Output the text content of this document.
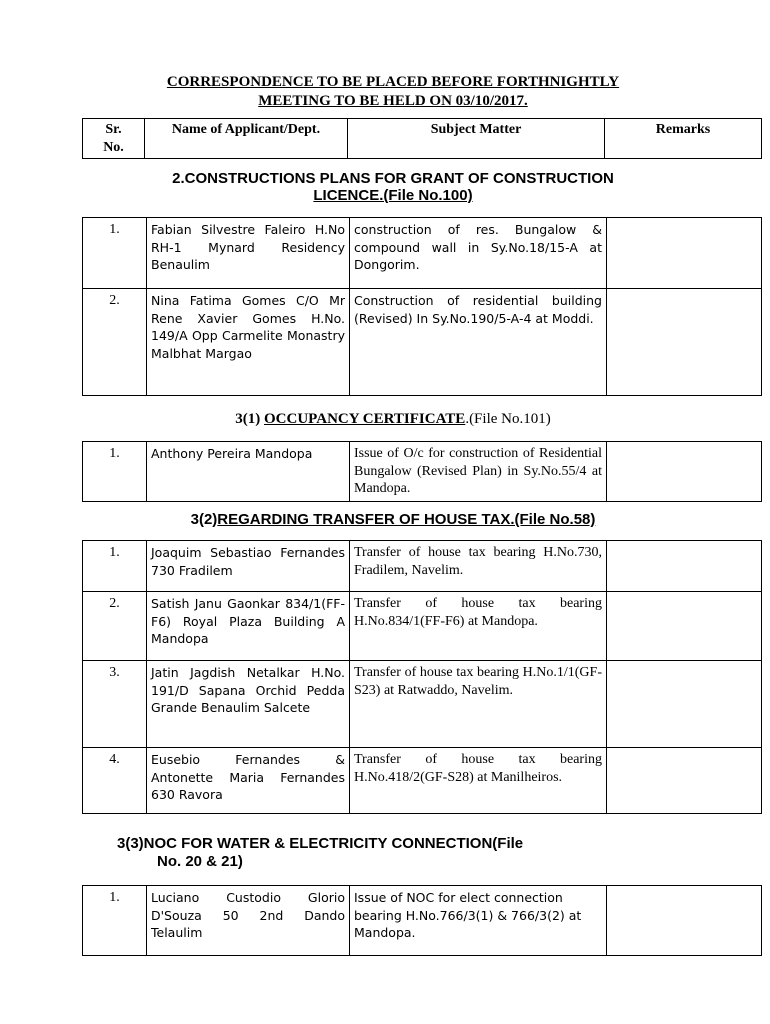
CORRESPONDENCE TO BE PLACED BEFORE FORTHNIGHTLY
MEETING TO BE HELD ON 03/10/2017.
Sr.
No.	Name of Applicant/Dept.	Subject Matter	Remarks
2.CONSTRUCTIONS PLANS FOR GRANT OF CONSTRUCTION
LICENCE.(File No.100)
1.	Fabian Silvestre Faleiro H.No RH-1 Mynard Residency Benaulim	construction of res. Bungalow & compound wall in Sy.No.18/15-A at Dongorim.	
2.	Nina Fatima Gomes C/O Mr Rene Xavier Gomes H.No. 149/A Opp Carmelite Monastry Malbhat Margao	Construction of residential building (Revised) In Sy.No.190/5-A-4 at Moddi.	
3(1) OCCUPANCY CERTIFICATE.(File No.101)
1.	Anthony Pereira Mandopa	Issue of O/c for construction of Residential Bungalow (Revised Plan) in Sy.No.55/4 at Mandopa.	
3(2)REGARDING TRANSFER OF HOUSE TAX.(File No.58)
1.	Joaquim Sebastiao Fernandes 730 Fradilem	Transfer of house tax bearing H.No.730, Fradilem, Navelim.	
2.	Satish Janu Gaonkar 834/1(FF-F6) Royal Plaza Building A Mandopa	Transfer of house tax bearing H.No.834/1(FF-F6) at Mandopa.	
3.	Jatin Jagdish Netalkar H.No. 191/D Sapana Orchid Pedda Grande Benaulim Salcete	Transfer of house tax bearing H.No.1/1(GF-S23) at Ratwaddo, Navelim.	
4.	Eusebio Fernandes & Antonette Maria Fernandes 630 Ravora	Transfer of house tax bearing H.No.418/2(GF-S28) at Manilheiros.	
3(3)NOC FOR WATER & ELECTRICITY CONNECTION(File
No. 20 & 21)
1.	Luciano Custodio Glorio D'Souza 50 2nd Dando Telaulim	Issue of NOC for elect connection bearing H.No.766/3(1) & 766/3(2) at Mandopa.	
